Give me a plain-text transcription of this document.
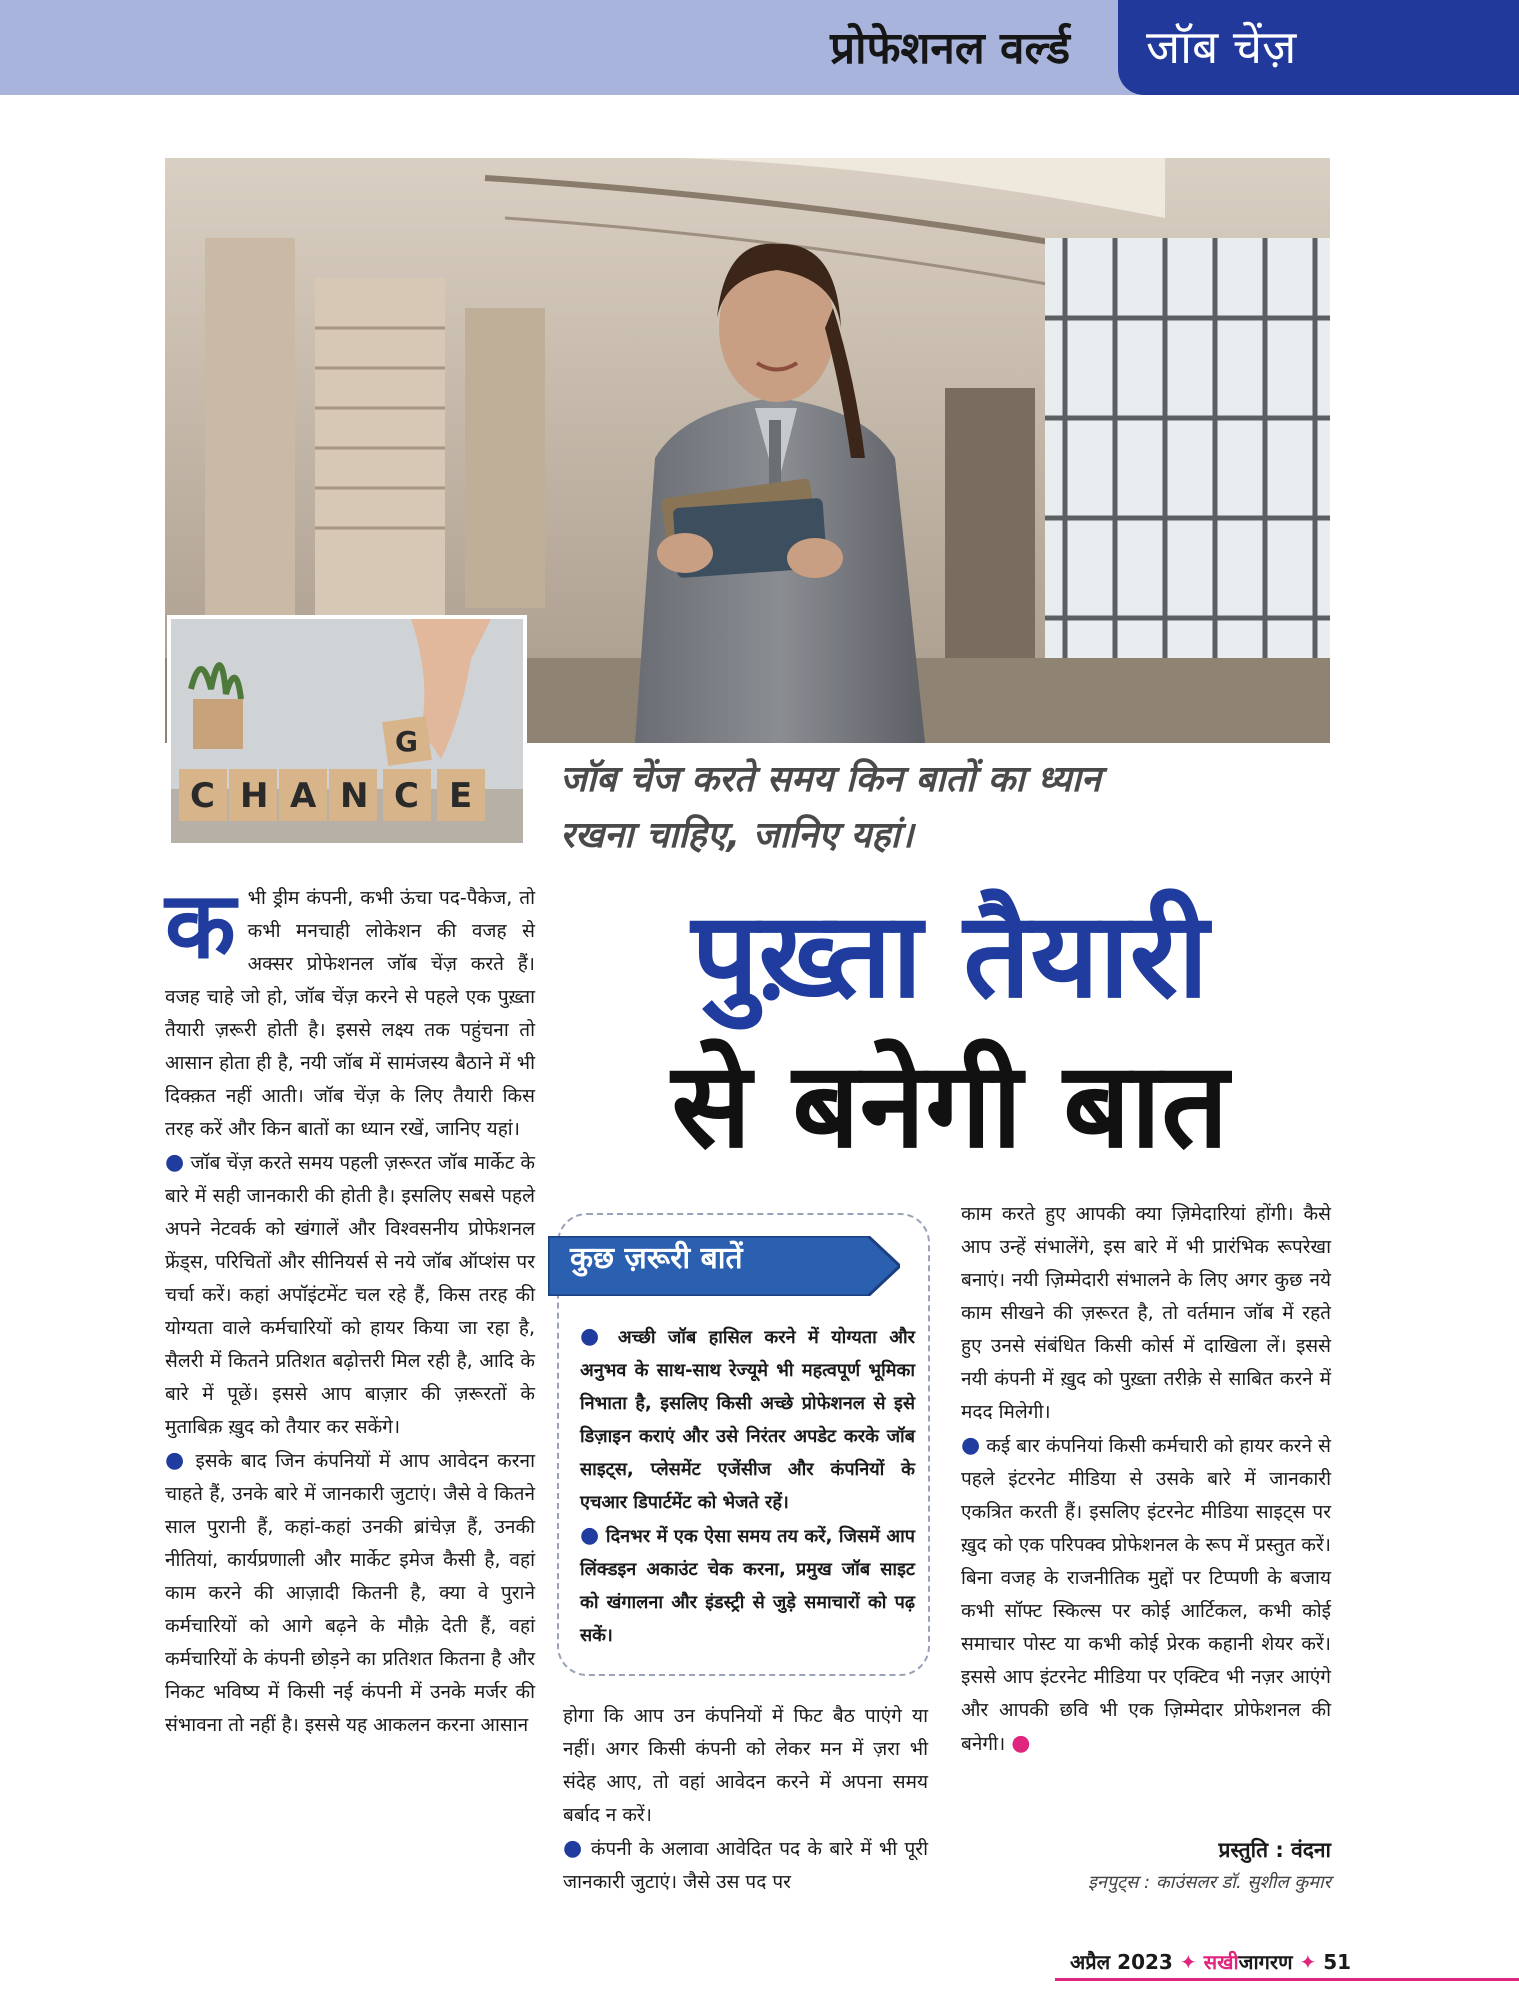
प्रोफेशनल वर्ल्ड	जॉब चेंज़
C H A N C
G
E जॉब चेंज करते समय किन बातों का ध्यान
रखना चाहिए, जानिए यहां।
पुख़्ता तैयारी
से बनेगी बात

कभी ड्रीम कंपनी, कभी ऊंचा पद-पैकेज, तो कभी मनचाही लोकेशन की वजह से अक्सर प्रोफेशनल जॉब चेंज़ करते हैं। वजह चाहे जो हो, जॉब चेंज़ करने से पहले एक पुख़्ता तैयारी ज़रूरी होती है। इससे लक्ष्य तक पहुंचना तो आसान होता ही है, नयी जॉब में सामंजस्य बैठाने में भी दिक्क़त नहीं आती। जॉब चेंज़ के लिए तैयारी किस तरह करें और किन बातों का ध्यान रखें, जानिए यहां।

● जॉब चेंज़ करते समय पहली ज़रूरत जॉब मार्केट के बारे में सही जानकारी की होती है। इसलिए सबसे पहले अपने नेटवर्क को खंगालें और विश्वसनीय प्रोफेशनल फ्रेंड्स, परिचितों और सीनियर्स से नये जॉब ऑप्शंस पर चर्चा करें। कहां अपॉइंटमेंट चल रहे हैं, किस तरह की योग्यता वाले कर्मचारियों को हायर किया जा रहा है, सैलरी में कितने प्रतिशत बढ़ोत्तरी मिल रही है, आदि के बारे में पूछें। इससे आप बाज़ार की ज़रूरतों के मुताबिक़ ख़ुद को तैयार कर सकेंगे।

● इसके बाद जिन कंपनियों में आप आवेदन करना चाहते हैं, उनके बारे में जानकारी जुटाएं। जैसे वे कितने साल पुरानी हैं, कहां-कहां उनकी ब्रांचेज़ हैं, उनकी नीतियां, कार्यप्रणाली और मार्केट इमेज कैसी है, वहां काम करने की आज़ादी कितनी है, क्या वे पुराने कर्मचारियों को आगे बढ़ने के मौक़े देती हैं, वहां कर्मचारियों के कंपनी छोड़ने का प्रतिशत कितना है और निकट भविष्य में किसी नई कंपनी में उनके मर्जर की संभावना तो नहीं है। इससे यह आकलन करना आसान

कुछ ज़रूरी बातें

● अच्छी जॉब हासिल करने में योग्यता और अनुभव के साथ-साथ रेज्यूमे भी महत्वपूर्ण भूमिका निभाता है, इसलिए किसी अच्छे प्रोफेशनल से इसे डिज़ाइन कराएं और उसे निरंतर अपडेट करके जॉब साइट्स, प्लेसमेंट एजेंसीज और कंपनियों के एचआर डिपार्टमेंट को भेजते रहें।

● दिनभर में एक ऐसा समय तय करें, जिसमें आप लिंक्डइन अकाउंट चेक करना, प्रमुख जॉब साइट को खंगालना और इंडस्ट्री से जुड़े समाचारों को पढ़ सकें।

होगा कि आप उन कंपनियों में फिट बैठ पाएंगे या नहीं। अगर किसी कंपनी को लेकर मन में ज़रा भी संदेह आए, तो वहां आवेदन करने में अपना समय बर्बाद न करें।

● कंपनी के अलावा आवेदित पद के बारे में भी पूरी जानकारी जुटाएं। जैसे उस पद पर

काम करते हुए आपकी क्या ज़िमेदारियां होंगी। कैसे आप उन्हें संभालेंगे, इस बारे में भी प्रारंभिक रूपरेखा बनाएं। नयी ज़िम्मेदारी संभालने के लिए अगर कुछ नये काम सीखने की ज़रूरत है, तो वर्तमान जॉब में रहते हुए उनसे संबंधित किसी कोर्स में दाखिला लें। इससे नयी कंपनी में ख़ुद को पुख़्ता तरीक़े से साबित करने में मदद मिलेगी।

● कई बार कंपनियां किसी कर्मचारी को हायर करने से पहले इंटरनेट मीडिया से उसके बारे में जानकारी एकत्रित करती हैं। इसलिए इंटरनेट मीडिया साइट्स पर ख़ुद को एक परिपक्व प्रोफेशनल के रूप में प्रस्तुत करें। बिना वजह के राजनीतिक मुद्दों पर टिप्पणी के बजाय कभी सॉफ्ट स्किल्स पर कोई आर्टिकल, कभी कोई समाचार पोस्ट या कभी कोई प्रेरक कहानी शेयर करें। इससे आप इंटरनेट मीडिया पर एक्टिव भी नज़र आएंगे और आपकी छवि भी एक ज़िम्मेदार प्रोफेशनल की बनेगी। ●

प्रस्तुति : वंदना
इनपुट्स : काउंसलर डॉ. सुशील कुमार
अप्रैल 2023 ✦ सखीजागरण ✦ 51
